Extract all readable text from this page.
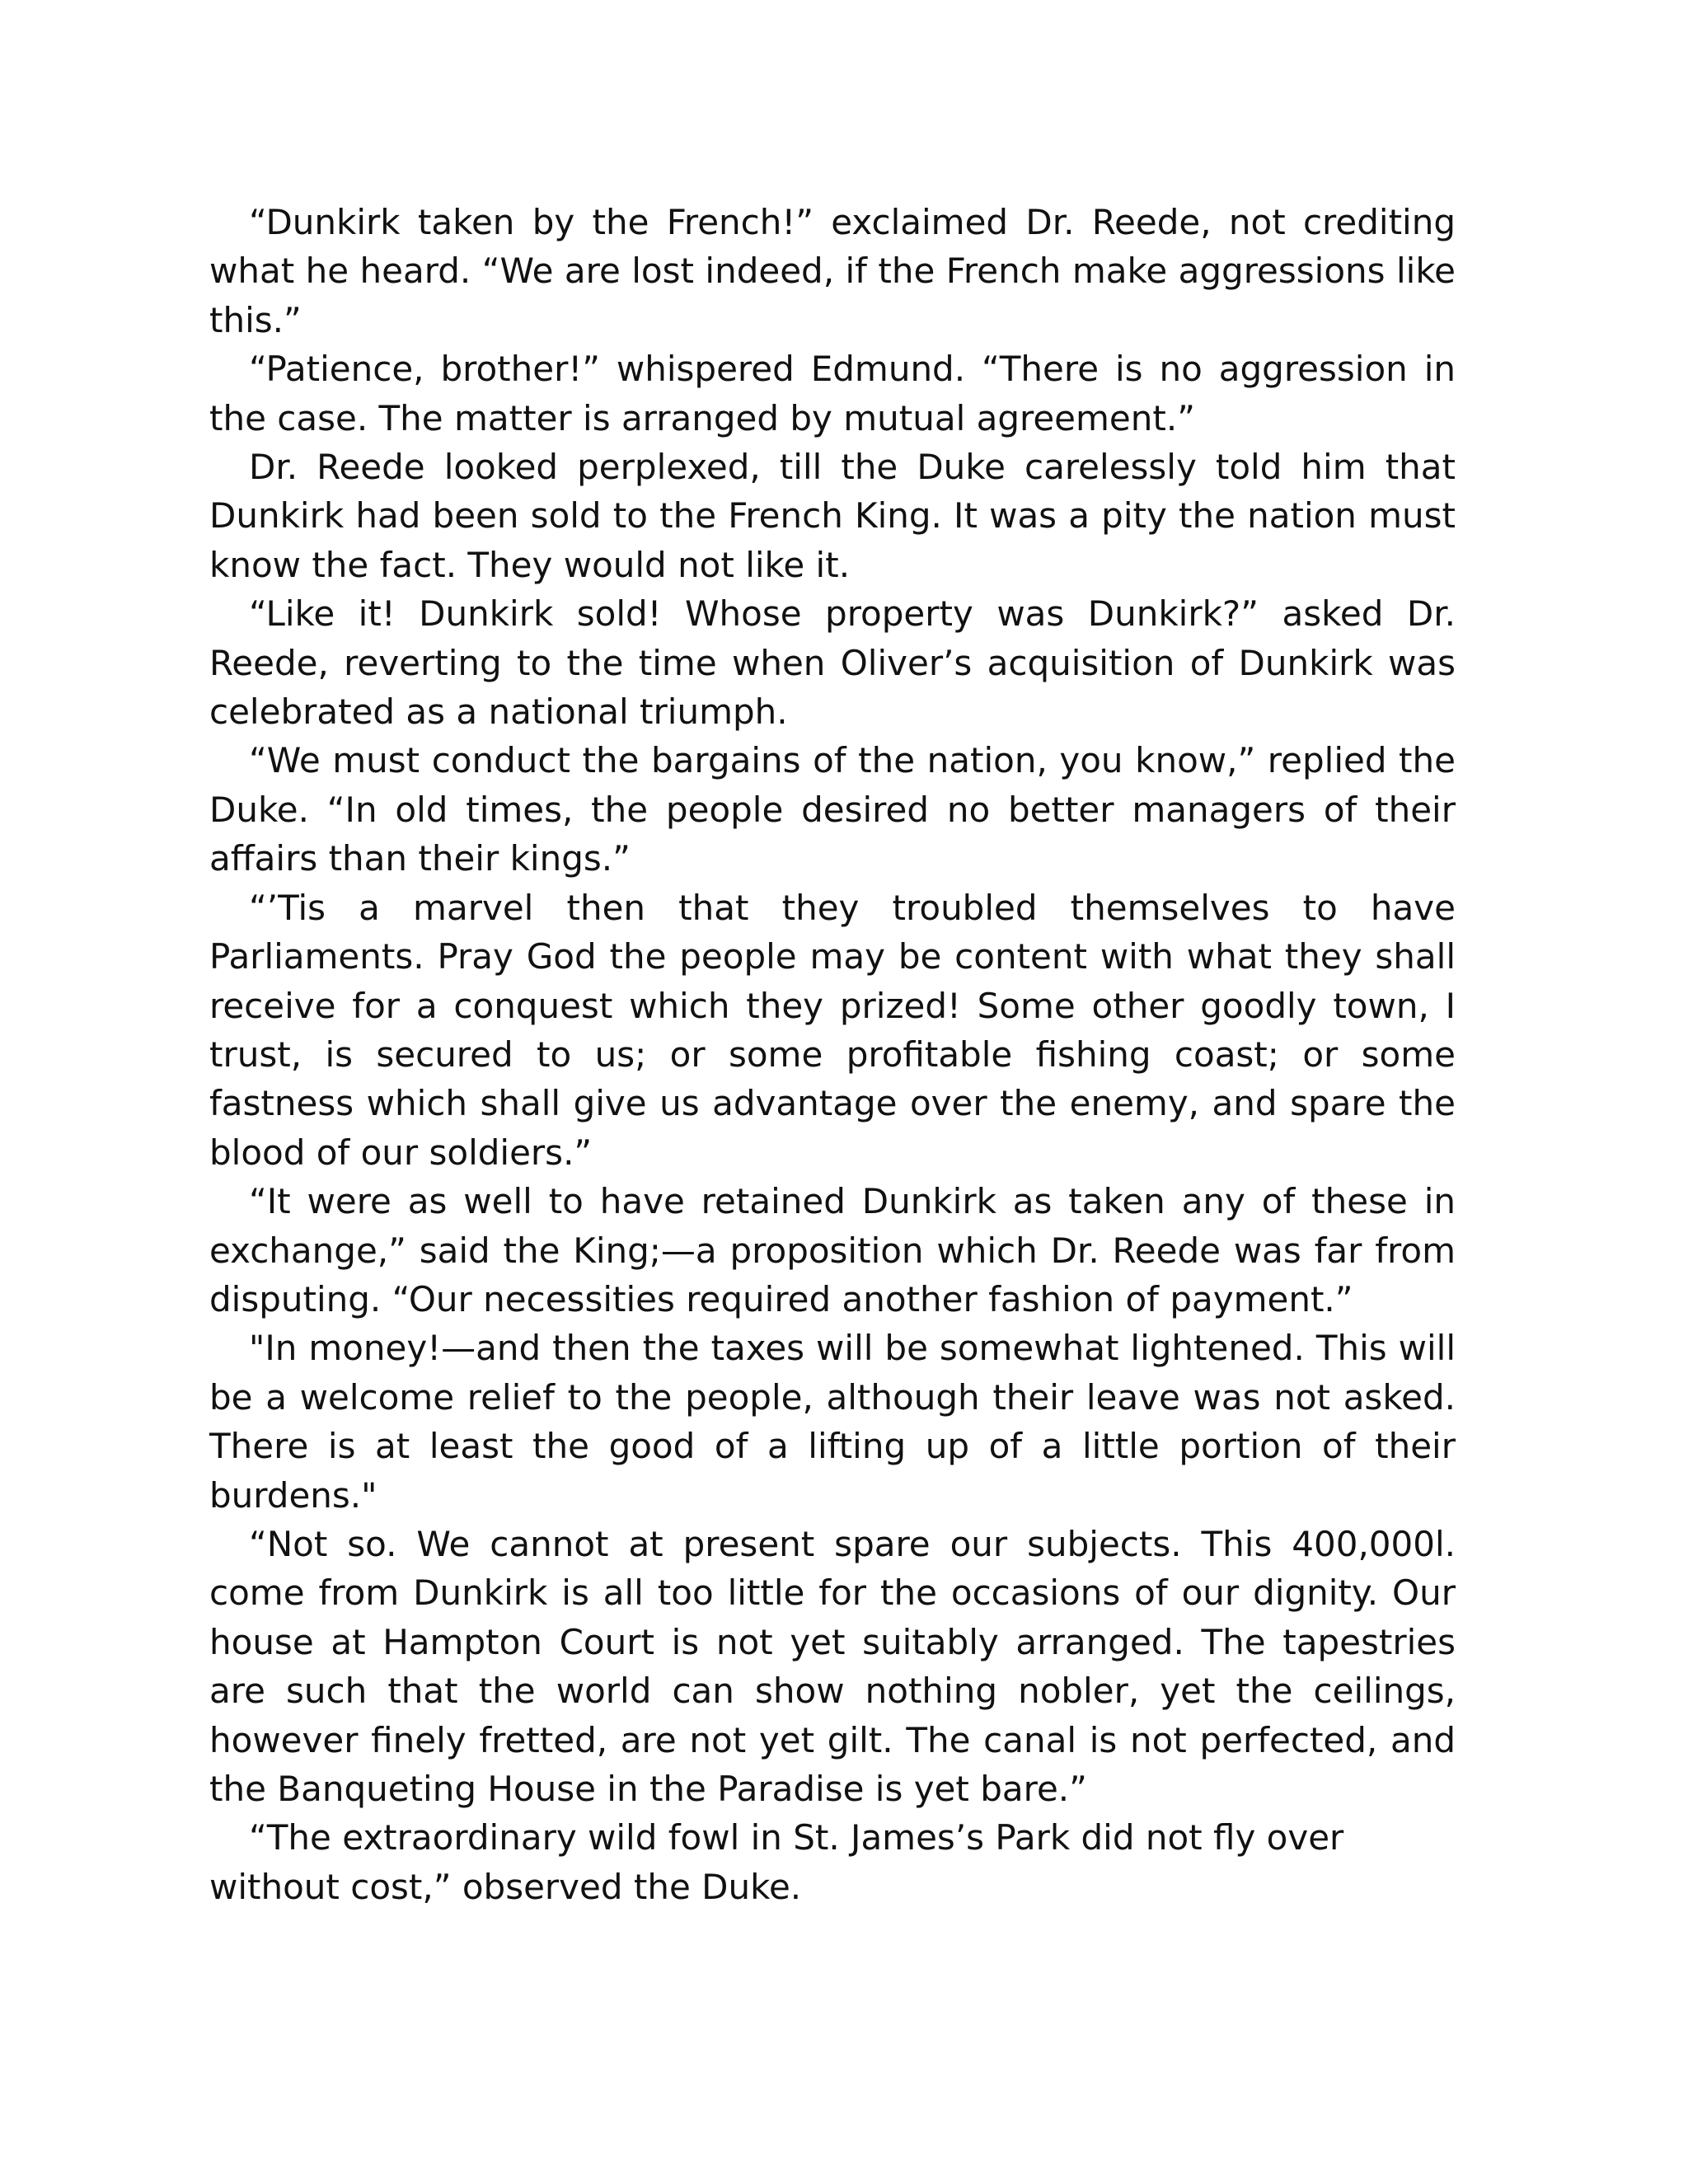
“Dunkirk taken by the French!” exclaimed Dr. Reede, not crediting what he heard. “We are lost indeed, if the French make aggressions like this.”

“Patience, brother!” whispered Edmund. “There is no aggression in the case. The matter is arranged by mutual agreement.”

Dr. Reede looked perplexed, till the Duke carelessly told him that Dunkirk had been sold to the French King. It was a pity the nation must know the fact. They would not like it.

“Like it! Dunkirk sold! Whose property was Dunkirk?” asked Dr. Reede, reverting to the time when Oliver’s acquisition of Dunkirk was celebrated as a national triumph.

“We must conduct the bargains of the nation, you know,” replied the Duke. “In old times, the people desired no better managers of their affairs than their kings.”

“’Tis a marvel then that they troubled themselves to have Parliaments. Pray God the people may be content with what they shall receive for a conquest which they prized! Some other goodly town, I trust, is secured to us; or some profitable fishing coast; or some fastness which shall give us advantage over the enemy, and spare the blood of our soldiers.”

“It were as well to have retained Dunkirk as taken any of these in exchange,” said the King;—a proposition which Dr. Reede was far from disputing. “Our necessities required another fashion of payment.”

"In money!—and then the taxes will be somewhat lightened. This will be a welcome relief to the people, although their leave was not asked. There is at least the good of a lifting up of a little portion of their burdens."

“Not so. We cannot at present spare our subjects. This 400,000l. come from Dunkirk is all too little for the occasions of our dignity. Our house at Hampton Court is not yet suitably arranged. The tapestries are such that the world can show nothing nobler, yet the ceilings, however finely fretted, are not yet gilt. The canal is not perfected, and the Banqueting House in the Paradise is yet bare.”

“The extraordinary wild fowl in St. James’s Park did not fly over without cost,” observed the Duke.
